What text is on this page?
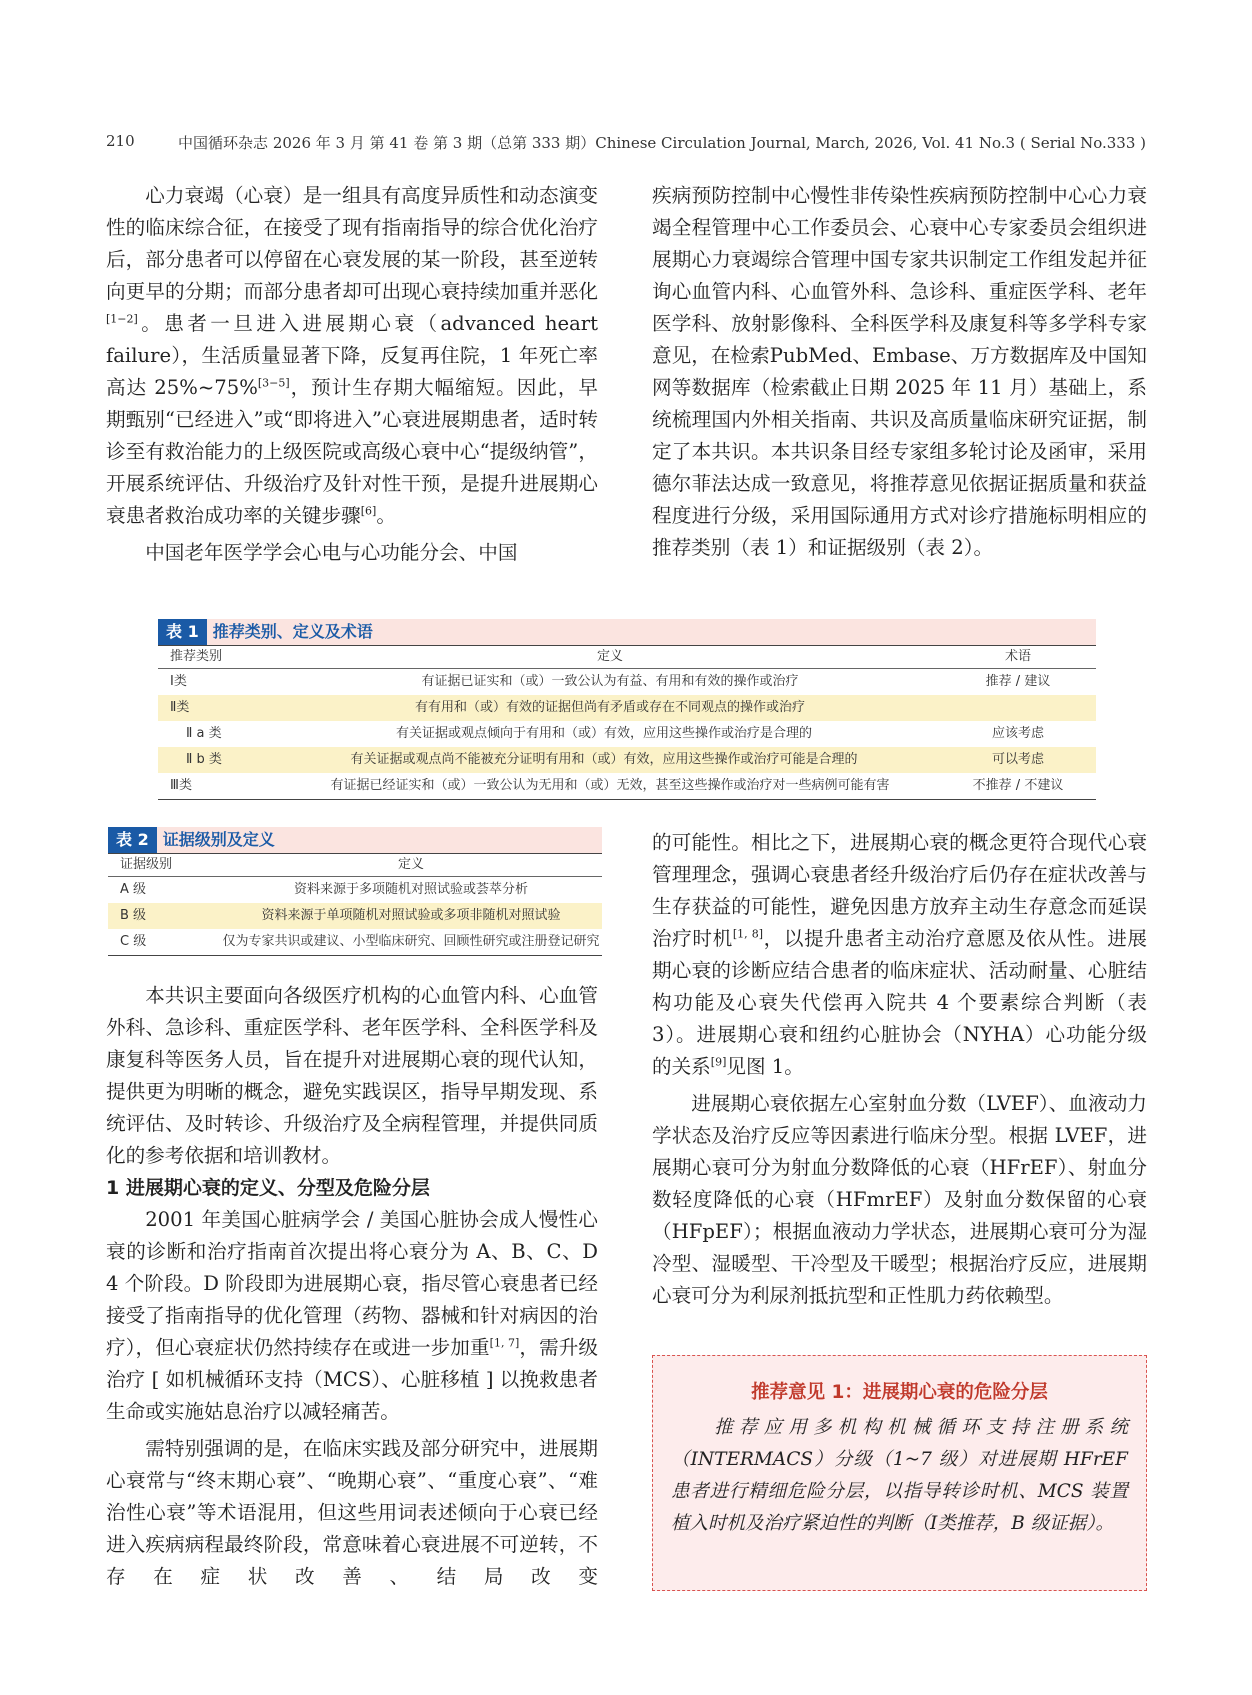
210	中国循环杂志 2026 年 3 月 第 41 卷 第 3 期（总第 333 期）Chinese Circulation Journal, March, 2026, Vol. 41 No.3 ( Serial No.333 )

心力衰竭（心衰）是一组具有高度异质性和动态演变性的临床综合征，在接受了现有指南指导的综合优化治疗后，部分患者可以停留在心衰发展的某一阶段，甚至逆转向更早的分期；而部分患者却可出现心衰持续加重并恶化[1−2]。患者一旦进入进展期心衰（advanced heart failure），生活质量显著下降，反复再住院，1 年死亡率高达 25%~75%[3−5]，预计生存期大幅缩短。因此，早期甄别“已经进入”或“即将进入”心衰进展期患者，适时转诊至有救治能力的上级医院或高级心衰中心“提级纳管”，开展系统评估、升级治疗及针对性干预，是提升进展期心衰患者救治成功率的关键步骤[6]。

中国老年医学学会心电与心功能分会、中国

疾病预防控制中心慢性非传染性疾病预防控制中心心力衰竭全程管理中心工作委员会、心衰中心专家委员会组织进展期心力衰竭综合管理中国专家共识制定工作组发起并征询心血管内科、心血管外科、急诊科、重症医学科、老年医学科、放射影像科、全科医学科及康复科等多学科专家意见，在检索PubMed、Embase、万方数据库及中国知网等数据库（检索截止日期 2025 年 11 月）基础上，系统梳理国内外相关指南、共识及高质量临床研究证据，制定了本共识。本共识条目经专家组多轮讨论及函审，采用德尔菲法达成一致意见，将推荐意见依据证据质量和获益程度进行分级，采用国际通用方式对诊疗措施标明相应的推荐类别（表 1）和证据级别（表 2）。

表 1 推荐类别、定义及术语
推荐类别	定义	术语
Ⅰ类	有证据已证实和（或）一致公认为有益、有用和有效的操作或治疗	推荐 / 建议
Ⅱ类	有有用和（或）有效的证据但尚有矛盾或存在不同观点的操作或治疗
Ⅱ a 类	有关证据或观点倾向于有用和（或）有效，应用这些操作或治疗是合理的	应该考虑
Ⅱ b 类	有关证据或观点尚不能被充分证明有用和（或）有效，应用这些操作或治疗可能是合理的	可以考虑
Ⅲ类	有证据已经证实和（或）一致公认为无用和（或）无效，甚至这些操作或治疗对一些病例可能有害	不推荐 / 不建议
表 2 证据级别及定义
证据级别	定义
A 级	资料来源于多项随机对照试验或荟萃分析
B 级	资料来源于单项随机对照试验或多项非随机对照试验
C 级	仅为专家共识或建议、小型临床研究、回顾性研究或注册登记研究

本共识主要面向各级医疗机构的心血管内科、心血管外科、急诊科、重症医学科、老年医学科、全科医学科及康复科等医务人员，旨在提升对进展期心衰的现代认知，提供更为明晰的概念，避免实践误区，指导早期发现、系统评估、及时转诊、升级治疗及全病程管理，并提供同质化的参考依据和培训教材。

1 进展期心衰的定义、分型及危险分层

2001 年美国心脏病学会 / 美国心脏协会成人慢性心衰的诊断和治疗指南首次提出将心衰分为 A、B、C、D 4 个阶段。D 阶段即为进展期心衰，指尽管心衰患者已经接受了指南指导的优化管理（药物、器械和针对病因的治疗），但心衰症状仍然持续存在或进一步加重[1, 7]，需升级治疗 [ 如机械循环支持（MCS）、心脏移植 ] 以挽救患者生命或实施姑息治疗以减轻痛苦。

需特别强调的是，在临床实践及部分研究中，进展期心衰常与“终末期心衰”、“晚期心衰”、“重度心衰”、“难治性心衰”等术语混用，但这些用词表述倾向于心衰已经进入疾病病程最终阶段，常意味着心衰进展不可逆转，不存在症状改善、结局改变

的可能性。相比之下，进展期心衰的概念更符合现代心衰管理理念，强调心衰患者经升级治疗后仍存在症状改善与生存获益的可能性，避免因患方放弃主动生存意念而延误治疗时机[1, 8]，以提升患者主动治疗意愿及依从性。进展期心衰的诊断应结合患者的临床症状、活动耐量、心脏结构功能及心衰失代偿再入院共 4 个要素综合判断（表 3）。进展期心衰和纽约心脏协会（NYHA）心功能分级的关系[9]见图 1。

进展期心衰依据左心室射血分数（LVEF）、血液动力学状态及治疗反应等因素进行临床分型。根据 LVEF，进展期心衰可分为射血分数降低的心衰（HFrEF）、射血分数轻度降低的心衰（HFmrEF）及射血分数保留的心衰（HFpEF）；根据血液动力学状态，进展期心衰可分为湿冷型、湿暖型、干冷型及干暖型；根据治疗反应，进展期心衰可分为利尿剂抵抗型和正性肌力药依赖型。

推荐意见 1：进展期心衰的危险分层
推荐应用多机构机械循环支持注册系统（INTERMACS）分级（1~7 级）对进展期 HFrEF 患者进行精细危险分层，以指导转诊时机、MCS 装置植入时机及治疗紧迫性的判断（Ⅰ类推荐，B 级证据）。
